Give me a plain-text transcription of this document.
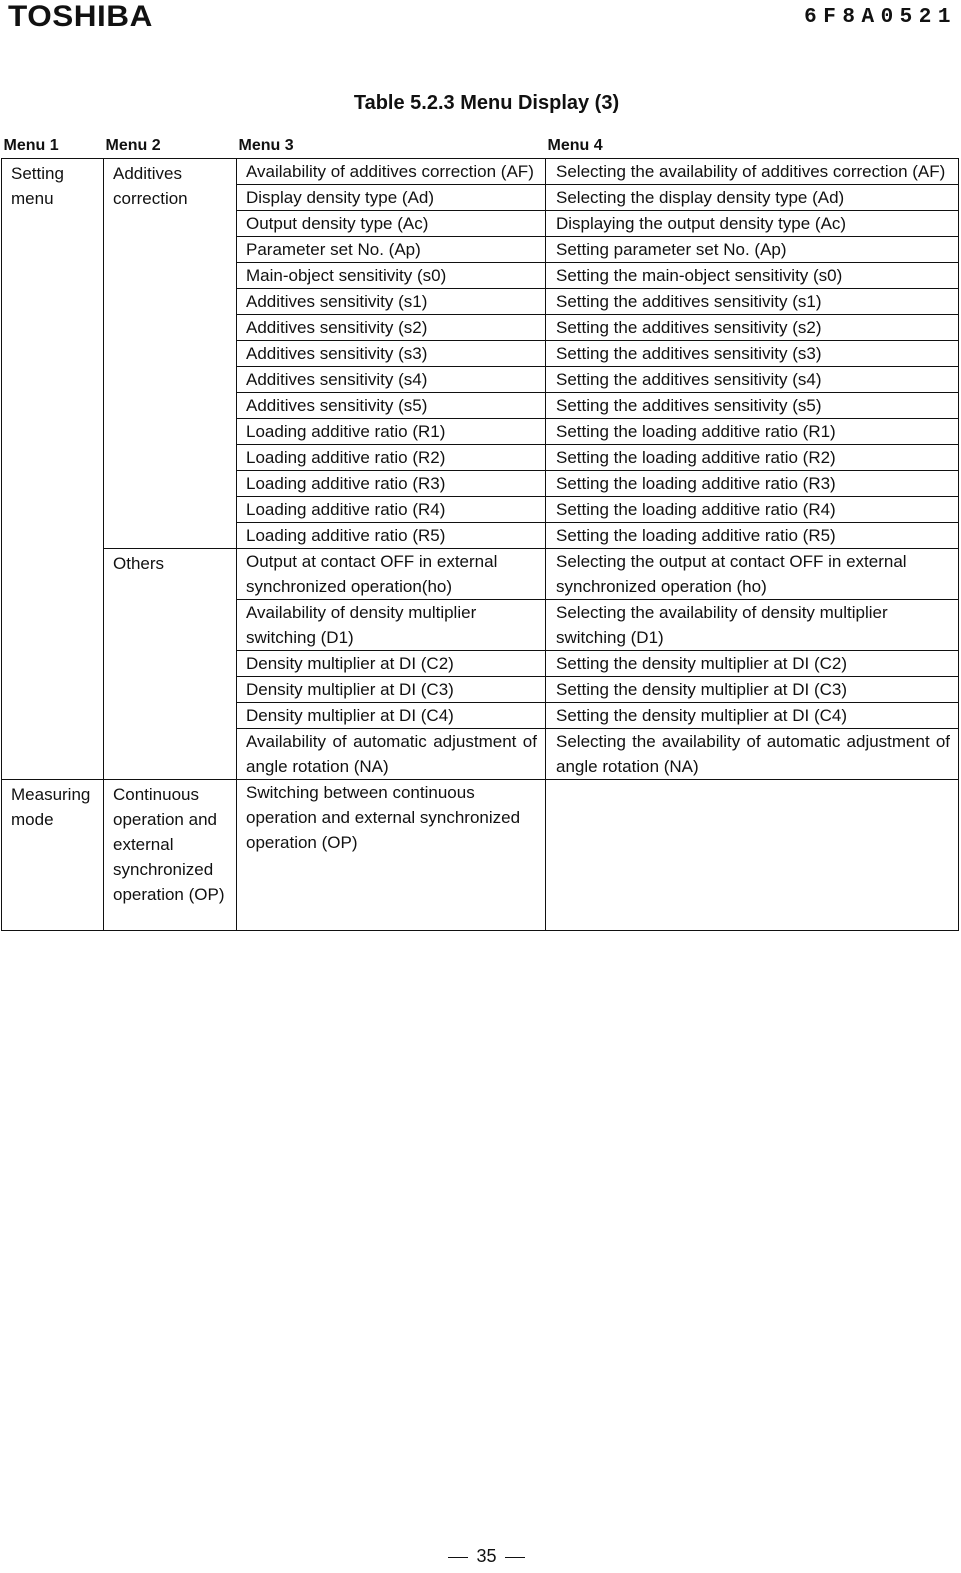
TOSHIBA	6F8A0521
Table 5.2.3 Menu Display (3)
Menu 1	Menu 2	Menu 3	Menu 4
Setting menu	Additives correction	Availability of additives correction (AF)	Selecting the availability of additives correction (AF)
		Display density type (Ad)	Selecting the display density type (Ad)
		Output density type (Ac)	Displaying the output density type (Ac)
		Parameter set No. (Ap)	Setting parameter set No. (Ap)
		Main-object sensitivity (s0)	Setting the main-object sensitivity (s0)
		Additives sensitivity (s1)	Setting the additives sensitivity (s1)
		Additives sensitivity (s2)	Setting the additives sensitivity (s2)
		Additives sensitivity (s3)	Setting the additives sensitivity (s3)
		Additives sensitivity (s4)	Setting the additives sensitivity (s4)
		Additives sensitivity (s5)	Setting the additives sensitivity (s5)
		Loading additive ratio (R1)	Setting the loading additive ratio (R1)
		Loading additive ratio (R2)	Setting the loading additive ratio (R2)
		Loading additive ratio (R3)	Setting the loading additive ratio (R3)
		Loading additive ratio (R4)	Setting the loading additive ratio (R4)
		Loading additive ratio (R5)	Setting the loading additive ratio (R5)
	Others	Output at contact OFF in external synchronized operation(ho)	Selecting the output at contact OFF in external synchronized operation (ho)
		Availability of density multiplier switching (D1)	Selecting the availability of density multiplier switching (D1)
		Density multiplier at DI (C2)	Setting the density multiplier at DI (C2)
		Density multiplier at DI (C3)	Setting the density multiplier at DI (C3)
		Density multiplier at DI (C4)	Setting the density multiplier at DI (C4)
		Availability of automatic adjustment of angle rotation (NA)	Selecting the availability of automatic adjustment of angle rotation (NA)
Measuring mode	Continuous operation and external synchronized operation (OP)	Switching between continuous operation and external synchronized operation (OP)	
35
